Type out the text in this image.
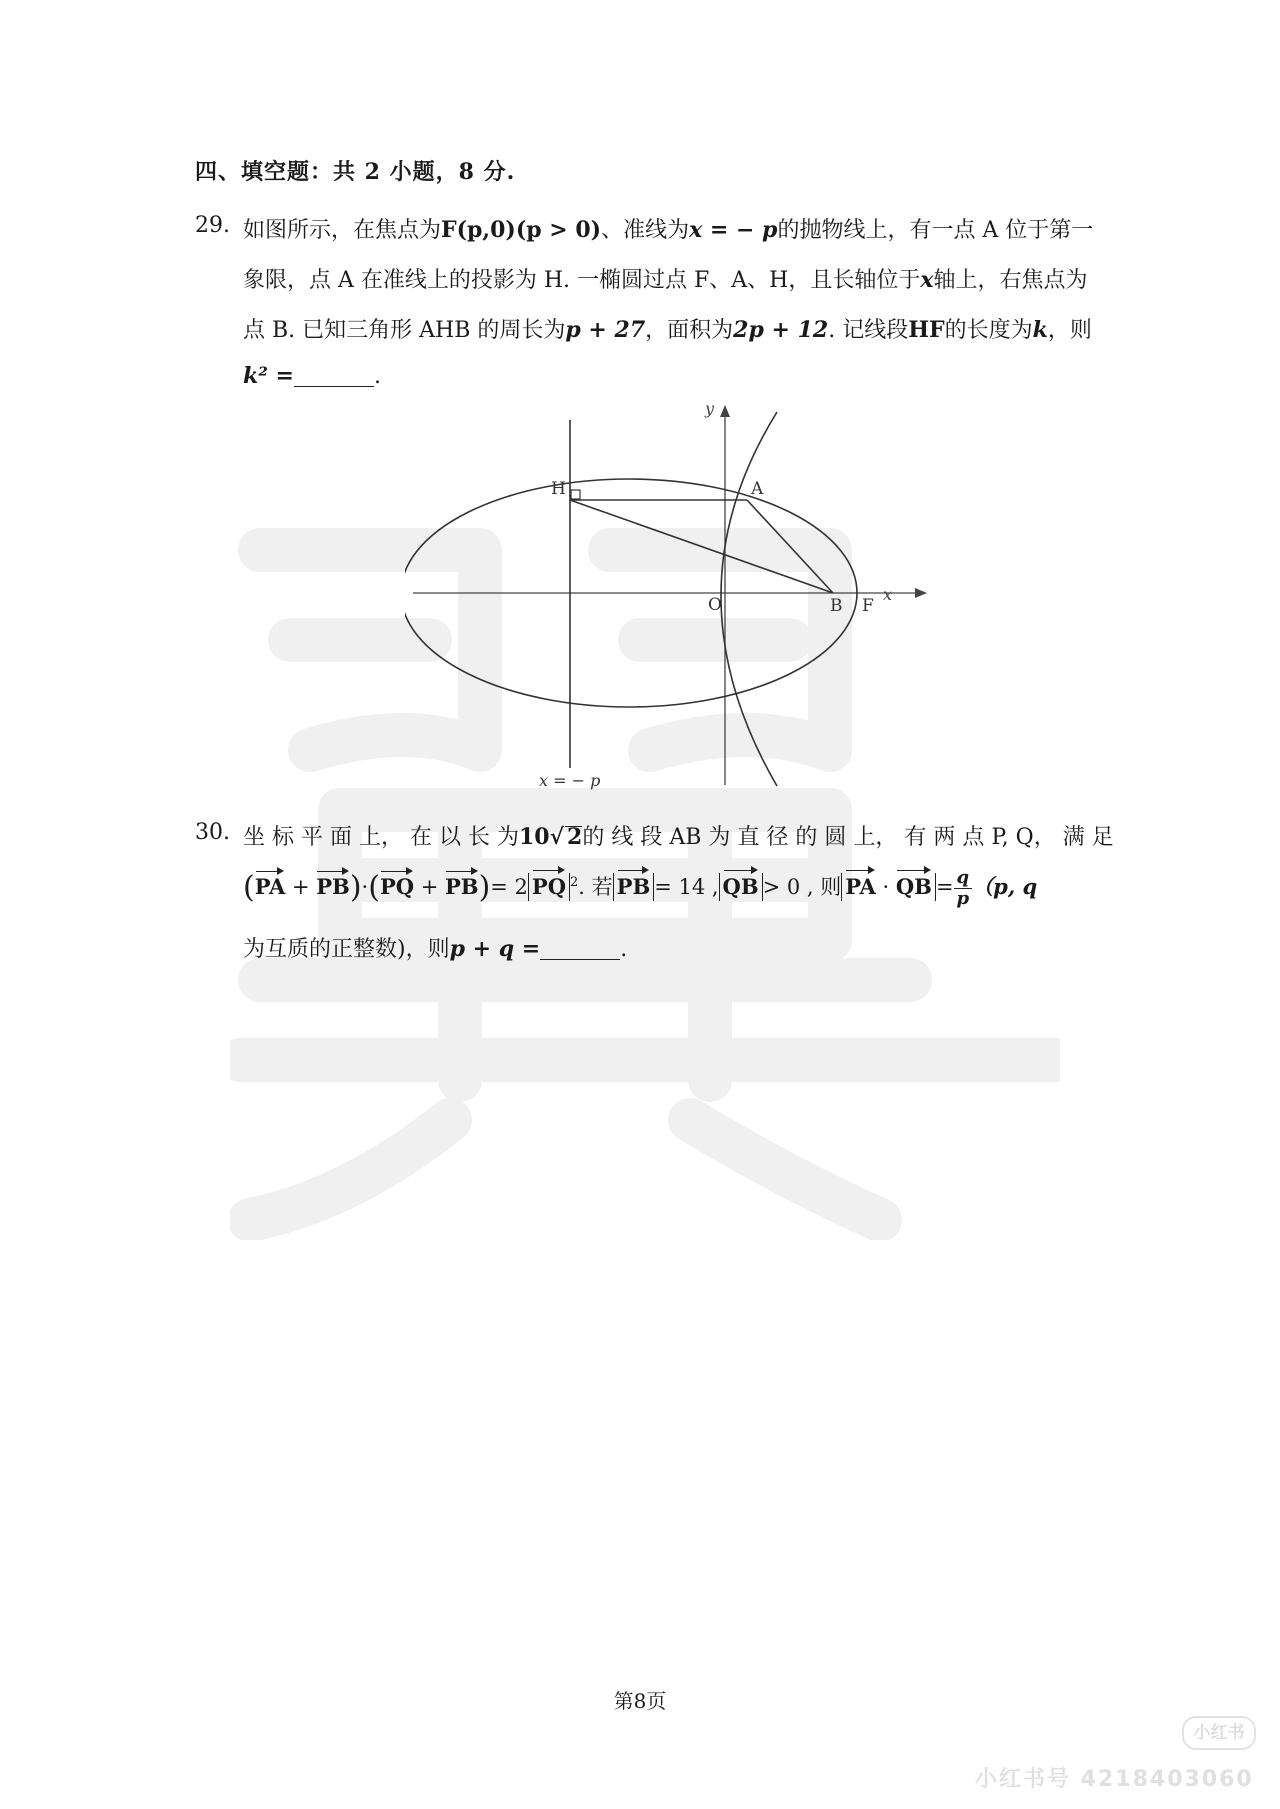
四、填空题：共 2 小题，8 分.
29. 如图所示，在焦点为F(p,0)(p > 0)、准线为x = − p的抛物线上，有一点 A 位于第一
象限，点 A 在准线上的投影为 H. 一椭圆过点 F、A、H，且长轴位于x轴上，右焦点为
点 B. 已知三角形 AHB 的周长为p + 27，面积为2p + 12. 记线段HF的长度为k，则
k² =	.
y
x
H	A
O	B F
x = − p
30. 坐 标 平 面 上， 在 以 长 为10√ 2的 线 段 AB 为 直 径 的 圆 上， 有 两 点 P, Q， 满 足
(PA + PB)·(PQ + PB)= 2 PQ $^2$. 若 PB = 14 , QB > 0 , 则 PA · QB = $\frac{q}{p} (p$, q
为互质的正整数)，则p + q =	.
第8页
小红书
小红书号 4218403060
